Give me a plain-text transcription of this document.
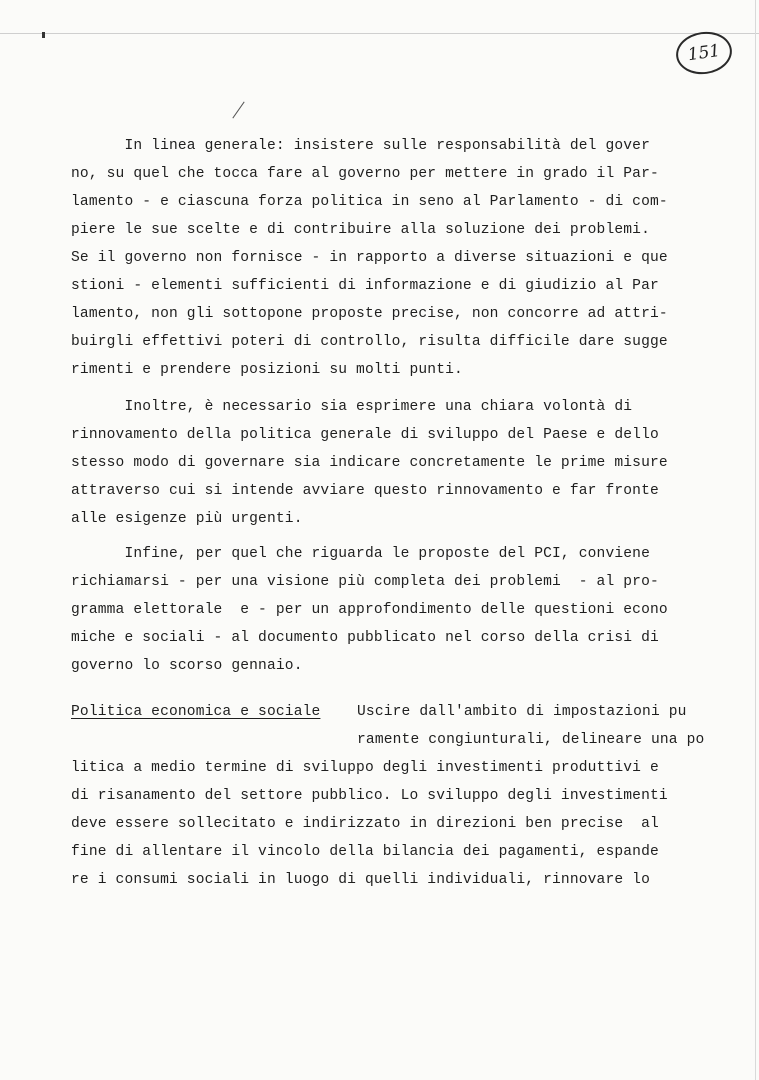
151
In linea generale: insistere sulle responsabilità del gover
no, su quel che tocca fare al governo per mettere in grado il Par-
lamento - e ciascuna forza politica in seno al Parlamento - di com-
piere le sue scelte e di contribuire alla soluzione dei problemi.
Se il governo non fornisce - in rapporto a diverse situazioni e que
stioni - elementi sufficienti di informazione e di giudizio al Par
lamento, non gli sottopone proposte precise, non concorre ad attri-
buirgli effettivi poteri di controllo, risulta difficile dare sugge
rimenti e prendere posizioni su molti punti.
Inoltre, è necessario sia esprimere una chiara volontà di
rinnovamento della politica generale di sviluppo del Paese e dello
stesso modo di governare sia indicare concretamente le prime misure
attraverso cui si intende avviare questo rinnovamento e far fronte
alle esigenze più urgenti.
Infine, per quel che riguarda le proposte del PCI, conviene
richiamarsi - per una visione più completa dei problemi  - al pro-
gramma elettorale  e - per un approfondimento delle questioni econo
miche e sociali - al documento pubblicato nel corso della crisi di
governo lo scorso gennaio.
Politica economica e sociale	Uscire dall'ambito di impostazioni pu
ramente congiunturali, delineare una po
litica a medio termine di sviluppo degli investimenti produttivi e
di risanamento del settore pubblico. Lo sviluppo degli investimenti
deve essere sollecitato e indirizzato in direzioni ben precise  al
fine di allentare il vincolo della bilancia dei pagamenti, espande
re i consumi sociali in luogo di quelli individuali, rinnovare lo
